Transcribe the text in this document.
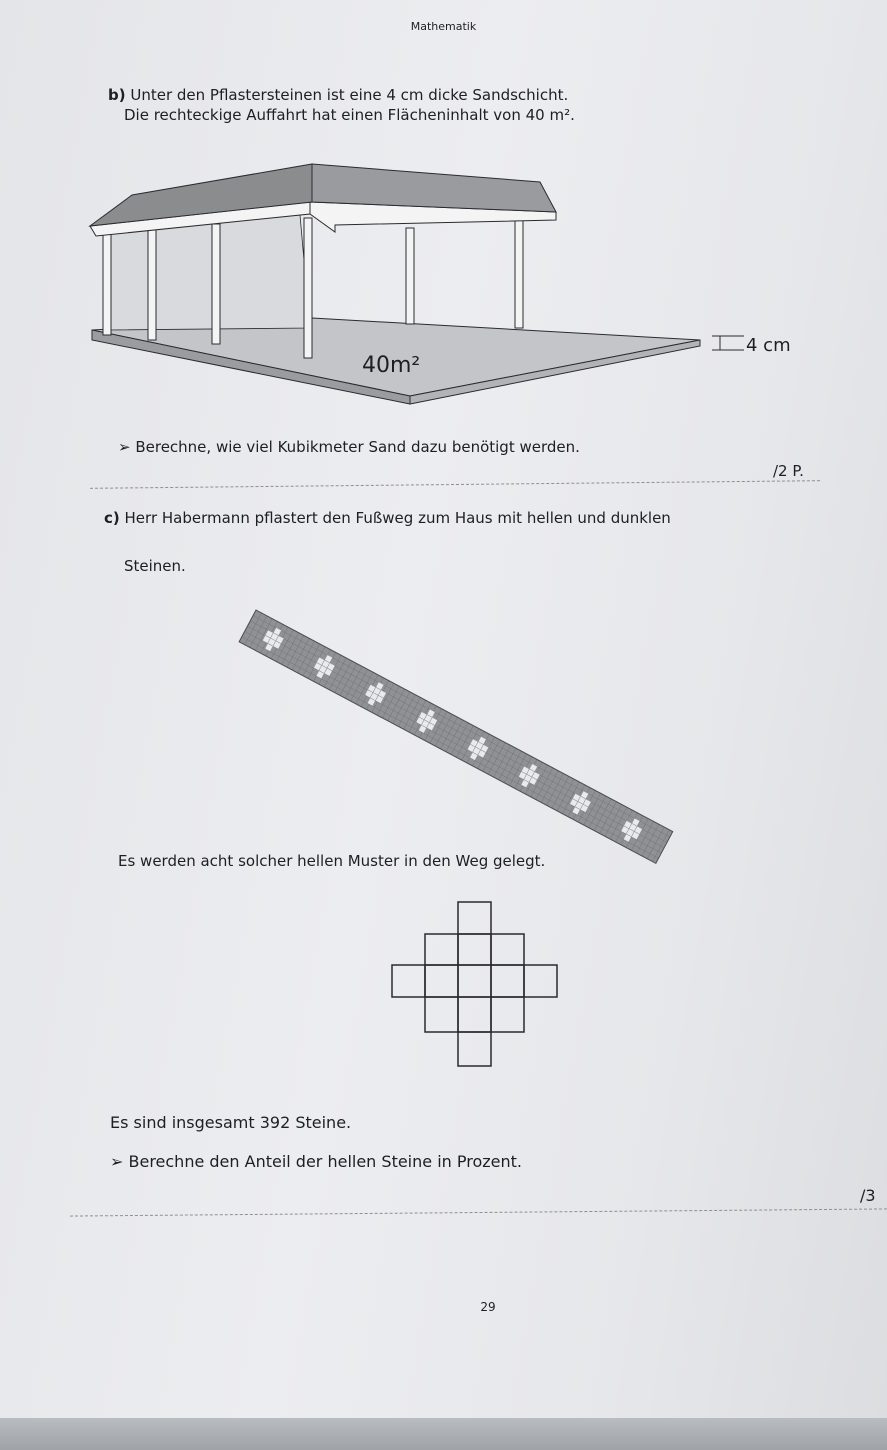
Mathematik
b) Unter den Pflastersteinen ist eine 4 cm dicke Sandschicht.
Die rechteckige Auffahrt hat einen Flächeninhalt von 40 m².
40m²
4 cm
➢ Berechne, wie viel Kubikmeter Sand dazu benötigt werden.
/2 P.
c) Herr Habermann pflastert den Fußweg zum Haus mit hellen und dunklen
Steinen.
Es werden acht solcher hellen Muster in den Weg gelegt.
Es sind insgesamt 392 Steine.
➢ Berechne den Anteil der hellen Steine in Prozent.
/3
29
